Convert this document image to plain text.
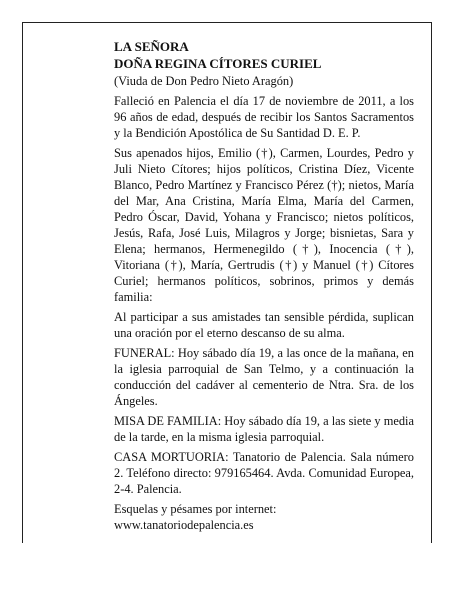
LA SEÑORA
DOÑA REGINA CÍTORES CURIEL

(Viuda de Don Pedro Nieto Aragón)

Falleció en Palencia el día 17 de noviembre de 2011, a los 96 años de edad, después de recibir los Santos Sacramentos y la Bendición Apostólica de Su Santidad D. E. P.

Sus apenados hijos, Emilio (†), Carmen, Lourdes, Pedro y Juli Nieto Cítores; hijos políticos, Cristina Díez, Vicente Blanco, Pedro Martínez y Francisco Pérez (†); nietos, María del Mar, Ana Cristina, María Elma, María del Carmen, Pedro Óscar, David, Yohana y Francisco; nietos políticos, Jesús, Rafa, José Luis, Milagros y Jorge; bisnietas, Sara y Elena; hermanos, Hermenegildo (†), Inocencia (†), Vitoriana (†), María, Gertrudis (†) y Manuel (†) Cítores Curiel; hermanos políticos, sobrinos, primos y demás familia:

Al participar a sus amistades tan sensible pérdida, suplican una oración por el eterno descanso de su alma.

FUNERAL: Hoy sábado día 19, a las once de la mañana, en la iglesia parroquial de San Telmo, y a continuación la conducción del cadáver al cementerio de Ntra. Sra. de los Ángeles.

MISA DE FAMILIA: Hoy sábado día 19, a las siete y media de la tarde, en la misma iglesia parroquial.

CASA MORTUORIA: Tanatorio de Palencia. Sala número 2. Teléfono directo: 979165464. Avda. Comunidad Europea, 2-4. Palencia.

Esquelas y pésames por internet:
www.tanatoriodepalencia.es
